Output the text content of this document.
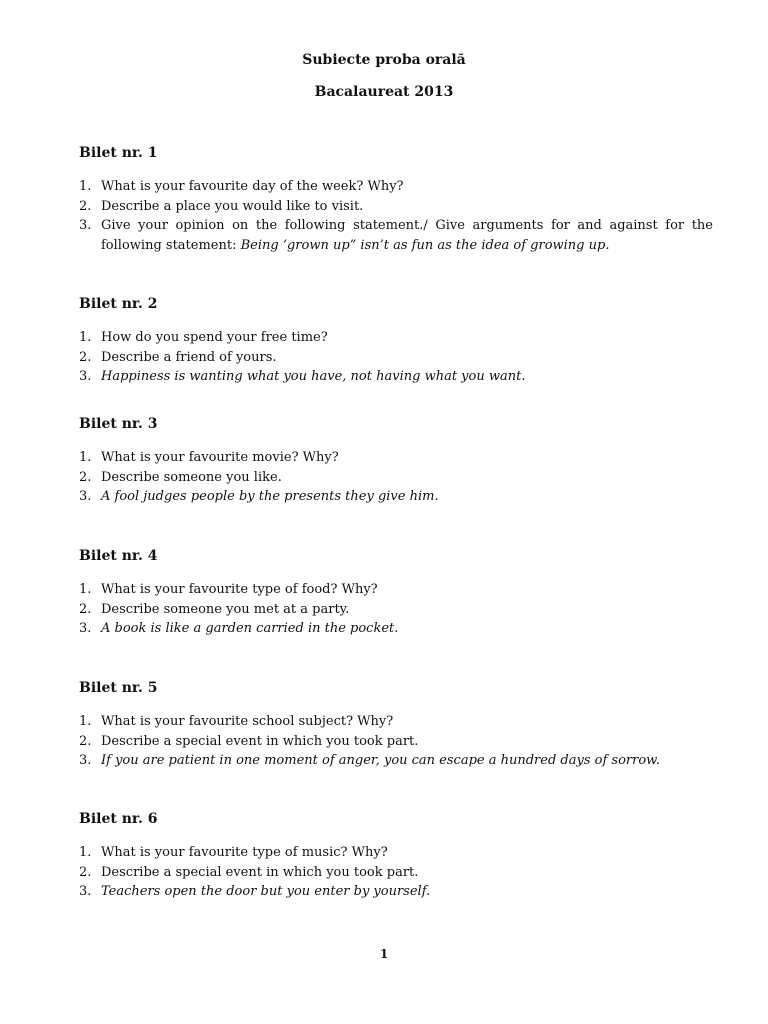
Subiecte proba orală
Bacalaureat 2013
Bilet nr. 1
1. What is your favourite day of the week? Why?
2. Describe a place you would like to visit.
3. Give your opinion on the following statement./ Give arguments for and against for the following statement: Being ‘grown up” isn’t as fun as the idea of growing up.
Bilet nr. 2
1. How do you spend your free time?
2. Describe a friend of yours.
3. Happiness is wanting what you have, not having what you want.
Bilet nr. 3
1. What is your favourite movie? Why?
2. Describe someone you like.
3. A fool judges people by the presents they give him.
Bilet nr. 4
1. What is your favourite type of food? Why?
2. Describe someone you met at a party.
3. A book is like a garden carried in the pocket.
Bilet nr. 5
1. What is your favourite school subject? Why?
2. Describe a special event in which you took part.
3. If you are patient in one moment of anger, you can escape a hundred days of sorrow.
Bilet nr. 6
1. What is your favourite type of music? Why?
2. Describe a special event in which you took part.
3. Teachers open the door but you enter by yourself.
1
